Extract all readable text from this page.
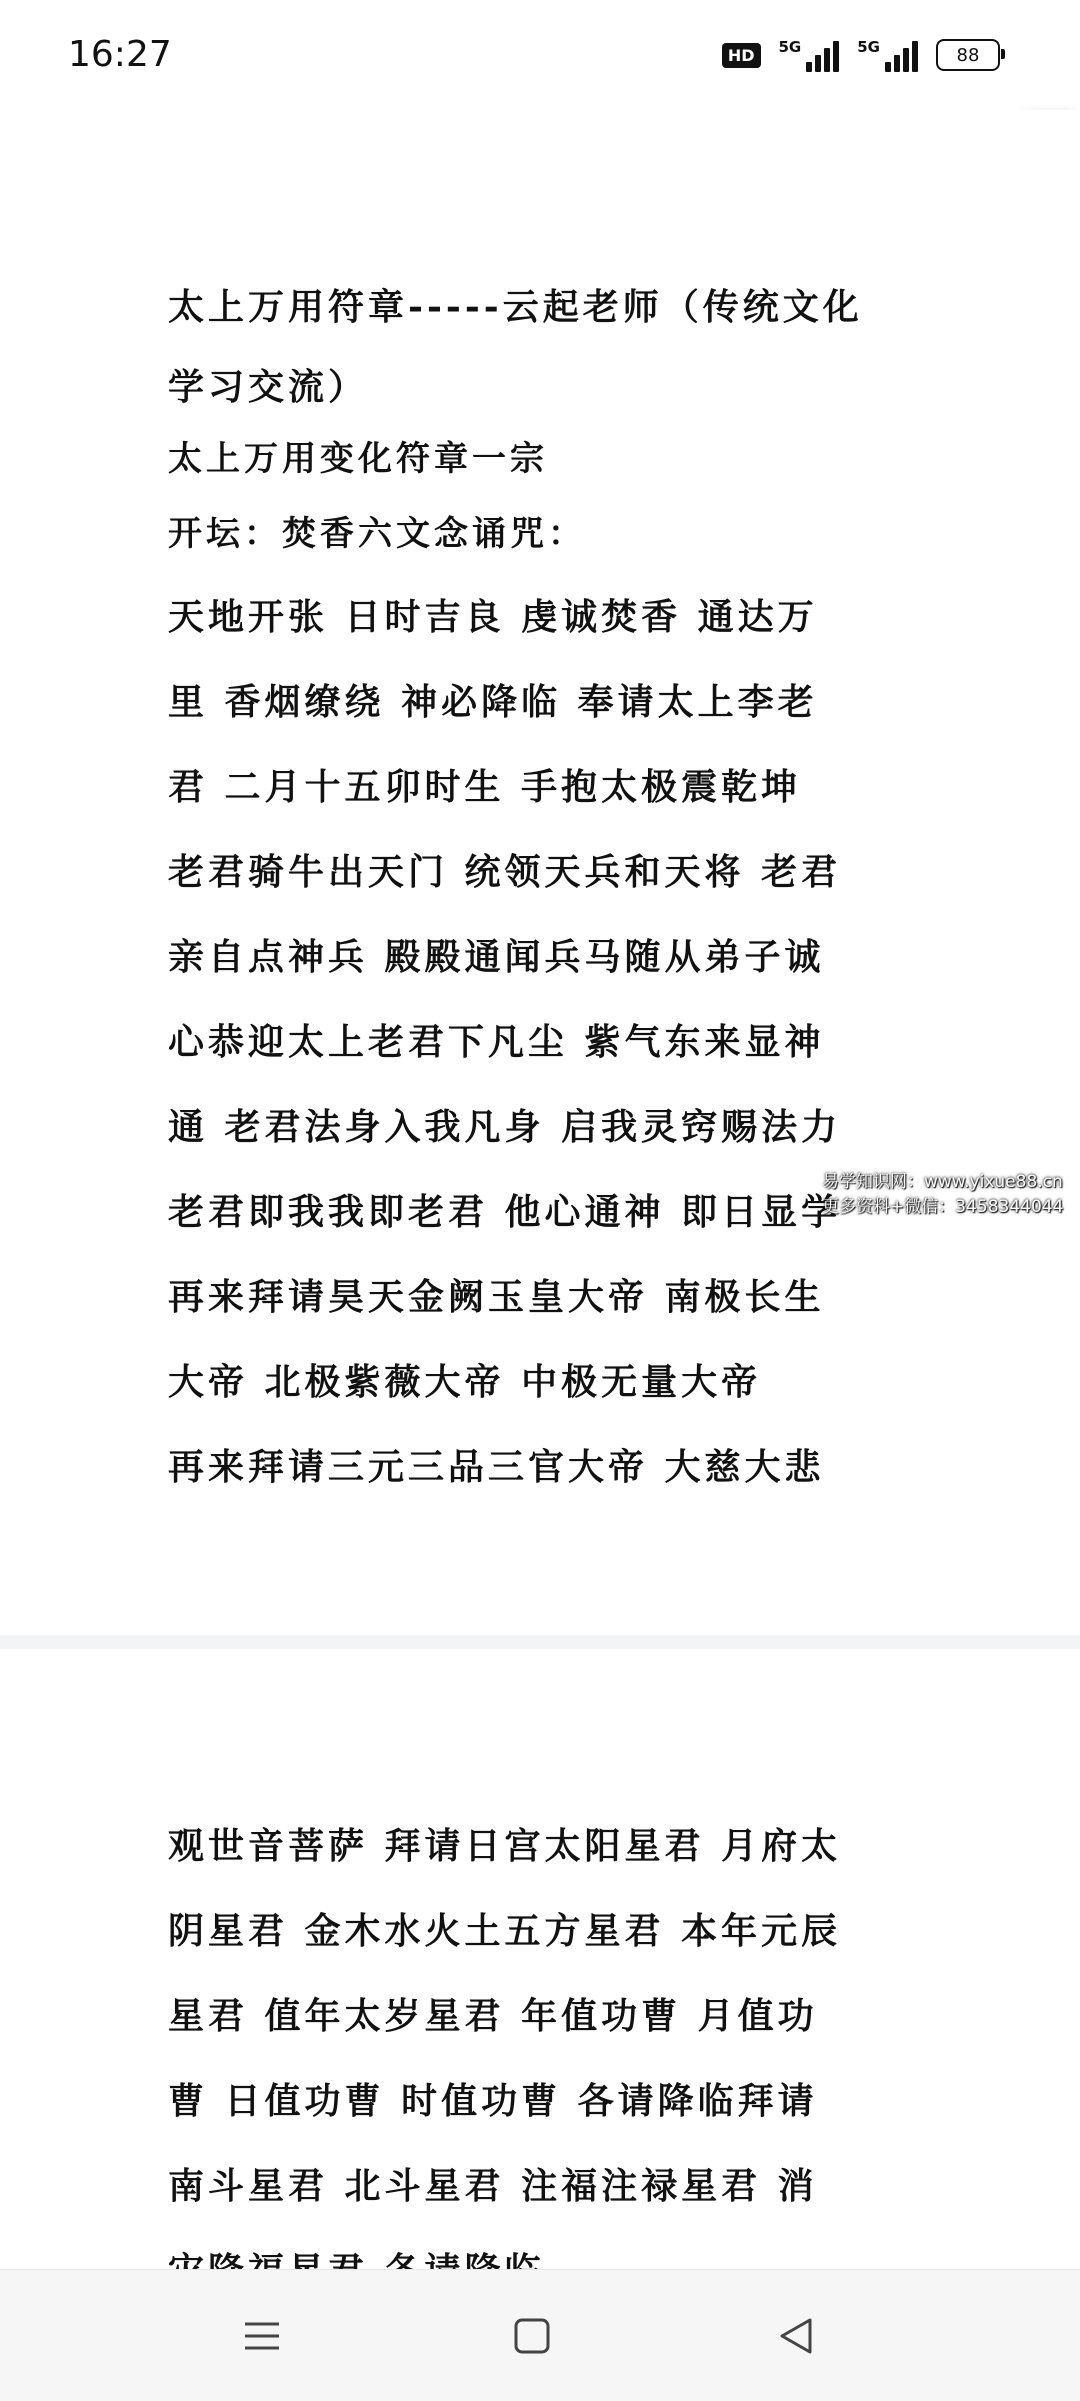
16:27	HD	5G	5G	88
太上万用符章-----云起老师（传统文化
学习交流）
太上万用变化符章一宗
开坛：焚香六文念诵咒：
天地开张 日时吉良 虔诚焚香 通达万
里 香烟缭绕 神必降临 奉请太上李老
君 二月十五卯时生 手抱太极震乾坤
老君骑牛出天门 统领天兵和天将 老君
亲自点神兵 殿殿通闻兵马随从弟子诚
心恭迎太上老君下凡尘 紫气东来显神
通 老君法身入我凡身 启我灵窍赐法力
老君即我我即老君 他心通神 即日显学
再来拜请昊天金阙玉皇大帝 南极长生
大帝 北极紫薇大帝 中极无量大帝
再来拜请三元三品三官大帝 大慈大悲
观世音菩萨 拜请日宫太阳星君 月府太
阴星君 金木水火土五方星君 本年元辰
星君 值年太岁星君 年值功曹 月值功
曹 日值功曹 时值功曹 各请降临拜请
南斗星君 北斗星君 注福注禄星君 消
易学知识网：www.yixue88.cn
更多资料+微信：3458344044
